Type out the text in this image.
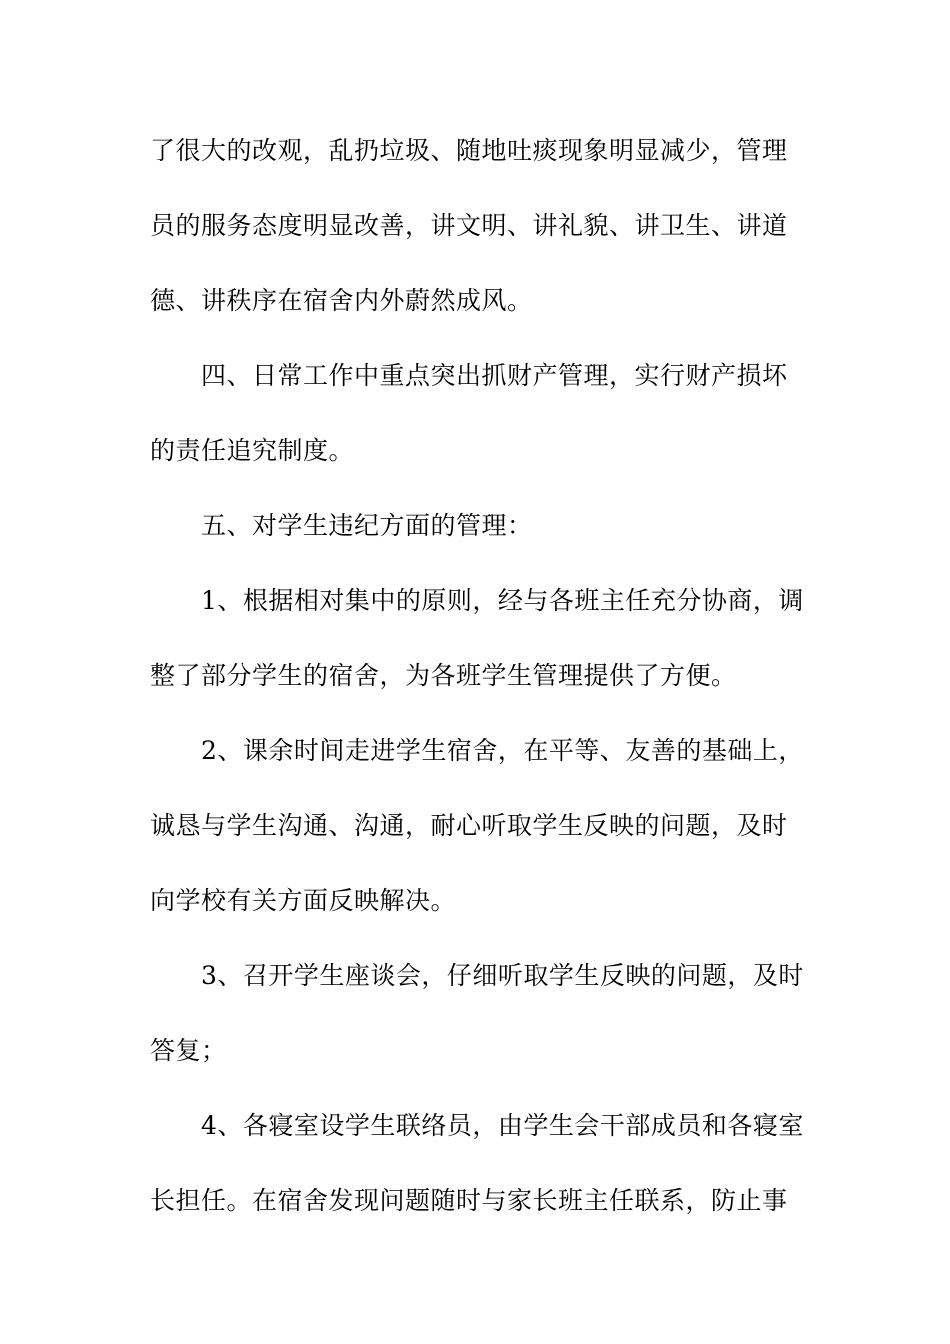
了很大的改观，乱扔垃圾、随地吐痰现象明显减少，管理
员的服务态度明显改善，讲文明、讲礼貌、讲卫生、讲道
德、讲秩序在宿舍内外蔚然成风。
四、日常工作中重点突出抓财产管理，实行财产损坏
的责任追究制度。
五、对学生违纪方面的管理：
1、根据相对集中的原则，经与各班主任充分协商，调
整了部分学生的宿舍，为各班学生管理提供了方便。
2、课余时间走进学生宿舍，在平等、友善的基础上，
诚恳与学生沟通、沟通，耐心听取学生反映的问题，及时
向学校有关方面反映解决。
3、召开学生座谈会，仔细听取学生反映的问题，及时
答复；
4、各寝室设学生联络员，由学生会干部成员和各寝室
长担任。在宿舍发现问题随时与家长班主任联系，防止事
